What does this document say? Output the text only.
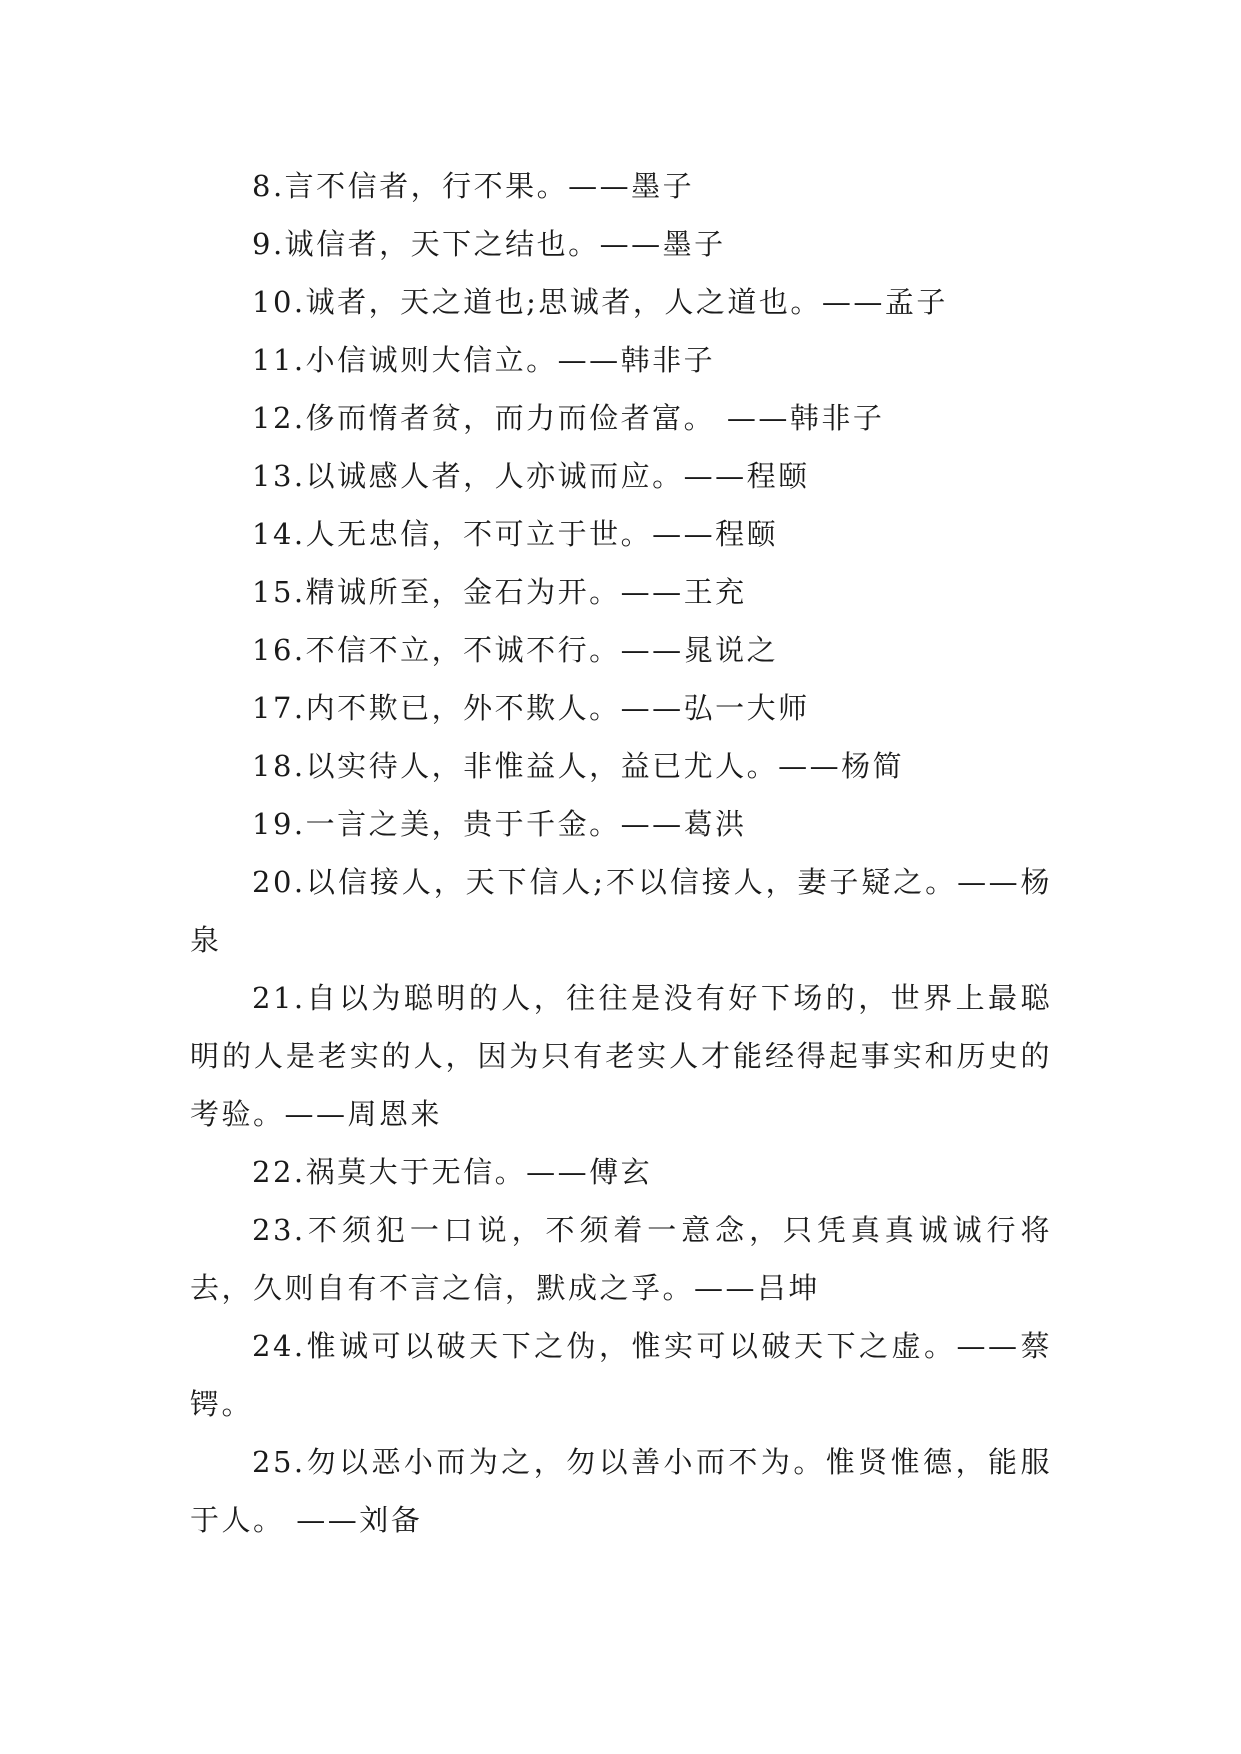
8.言不信者，行不果。——墨子

9.诚信者，天下之结也。——墨子

10.诚者，天之道也;思诚者，人之道也。——孟子

11.小信诚则大信立。——韩非子

12.侈而惰者贫，而力而俭者富。 ——韩非子

13.以诚感人者，人亦诚而应。——程颐

14.人无忠信，不可立于世。——程颐

15.精诚所至，金石为开。——王充

16.不信不立，不诚不行。——晁说之

17.内不欺已，外不欺人。——弘一大师

18.以实待人，非惟益人，益已尤人。——杨简

19.一言之美，贵于千金。——葛洪

20.以信接人，天下信人;不以信接人，妻子疑之。——杨泉

21.自以为聪明的人，往往是没有好下场的，世界上最聪明的人是老实的人，因为只有老实人才能经得起事实和历史的考验。——周恩来

22.祸莫大于无信。——傅玄

23.不须犯一口说，不须着一意念，只凭真真诚诚行将去，久则自有不言之信，默成之孚。——吕坤

24.惟诚可以破天下之伪，惟实可以破天下之虚。——蔡锷。

25.勿以恶小而为之，勿以善小而不为。惟贤惟德，能服于人。 ——刘备
